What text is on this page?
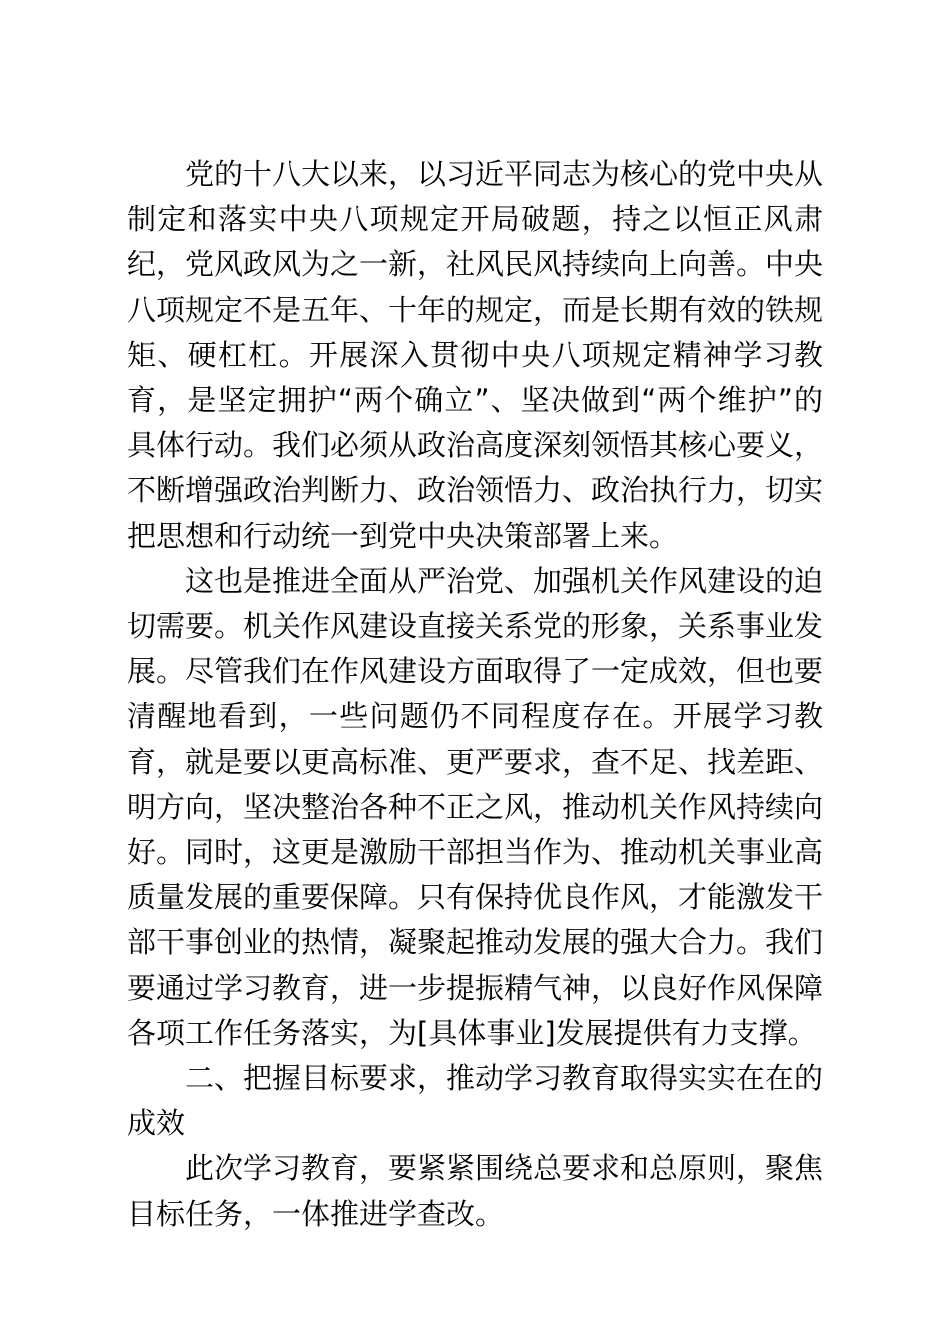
党的十八大以来，以习近平同志为核心的党中央从制定和落实中央八项规定开局破题，持之以恒正风肃纪，党风政风为之一新，社风民风持续向上向善。中央八项规定不是五年、十年的规定，而是长期有效的铁规矩、硬杠杠。开展深入贯彻中央八项规定精神学习教育，是坚定拥护“两个确立”、坚决做到“两个维护”的具体行动。我们必须从政治高度深刻领悟其核心要义，不断增强政治判断力、政治领悟力、政治执行力，切实把思想和行动统一到党中央决策部署上来。

这也是推进全面从严治党、加强机关作风建设的迫切需要。机关作风建设直接关系党的形象，关系事业发展。尽管我们在作风建设方面取得了一定成效，但也要清醒地看到，一些问题仍不同程度存在。开展学习教育，就是要以更高标准、更严要求，查不足、找差距、明方向，坚决整治各种不正之风，推动机关作风持续向好。同时，这更是激励干部担当作为、推动机关事业高质量发展的重要保障。只有保持优良作风，才能激发干部干事创业的热情，凝聚起推动发展的强大合力。我们要通过学习教育，进一步提振精气神，以良好作风保障各项工作任务落实，为[具体事业]发展提供有力支撑。

二、把握目标要求，推动学习教育取得实实在在的成效

此次学习教育，要紧紧围绕总要求和总原则，聚焦目标任务，一体推进学查改。
